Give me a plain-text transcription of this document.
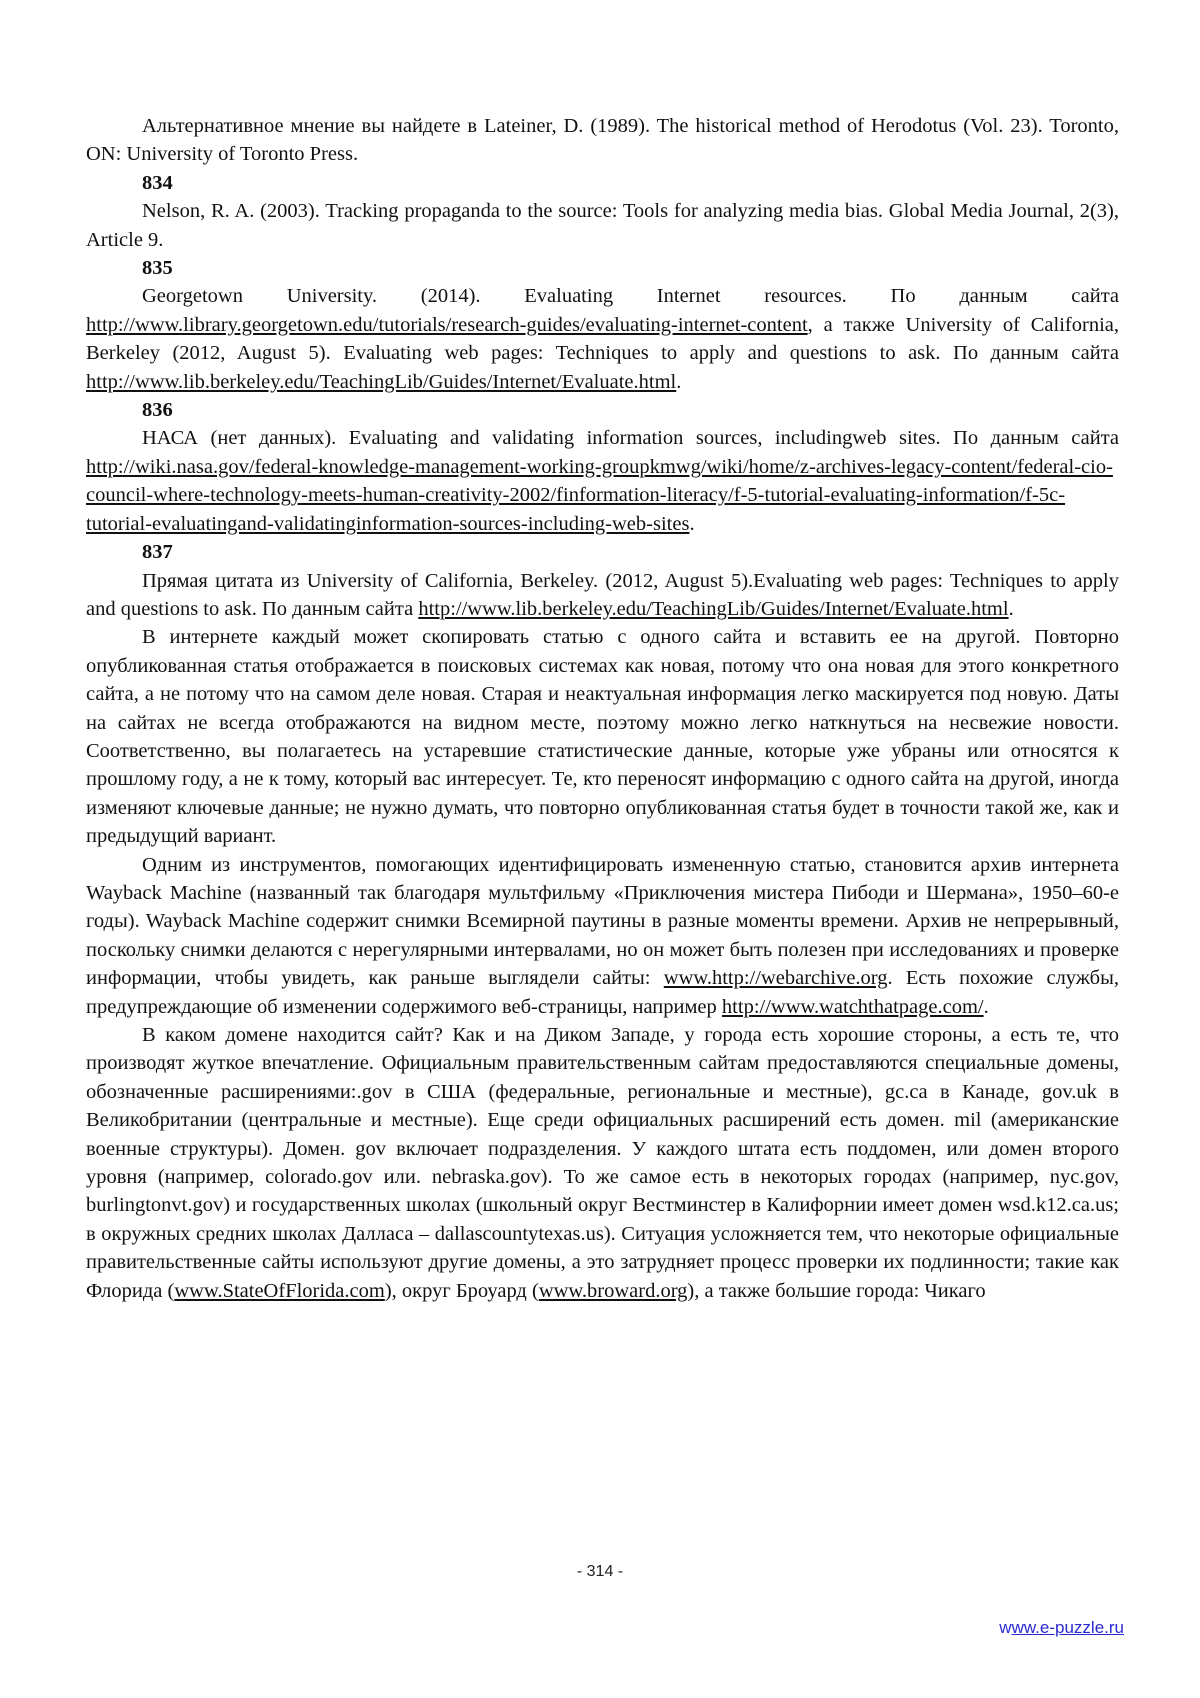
Альтернативное мнение вы найдете в Lateiner, D. (1989). The historical method of Herodotus (Vol. 23). Toronto, ON: University of Toronto Press.

834

Nelson, R. A. (2003). Tracking propaganda to the source: Tools for analyzing media bias. Global Media Journal, 2(3), Article 9.

835

Georgetown University. (2014). Evaluating Internet resources. По данным сайта http://www.library.georgetown.edu/tutorials/research-guides/evaluating-internet-content, а также University of California, Berkeley (2012, August 5). Evaluating web pages: Techniques to apply and questions to ask. По данным сайта http://www.lib.berkeley.edu/TeachingLib/Guides/Internet/Evaluate.html.

836

НАСА (нет данных). Evaluating and validating information sources, includingweb sites. По данным сайта http://wiki.nasa.gov/federal-knowledge-management-working-groupkmwg/wiki/home/z-archives-legacy-content/federal-cio-council-where-technology-meets-human-creativity-2002/finformation-literacy/f-5-tutorial-evaluating-information/f-5c-tutorial-evaluatingand-validatinginformation-sources-including-web-sites.

837

Прямая цитата из University of California, Berkeley. (2012, August 5).Evaluating web pages: Techniques to apply and questions to ask. По данным сайта http://www.lib.berkeley.edu/TeachingLib/Guides/Internet/Evaluate.html.

В интернете каждый может скопировать статью с одного сайта и вставить ее на другой. Повторно опубликованная статья отображается в поисковых системах как новая, потому что она новая для этого конкретного сайта, а не потому что на самом деле новая. Старая и неактуальная информация легко маскируется под новую. Даты на сайтах не всегда отображаются на видном месте, поэтому можно легко наткнуться на несвежие новости. Соответственно, вы полагаетесь на устаревшие статистические данные, которые уже убраны или относятся к прошлому году, а не к тому, который вас интересует. Те, кто переносят информацию с одного сайта на другой, иногда изменяют ключевые данные; не нужно думать, что повторно опубликованная статья будет в точности такой же, как и предыдущий вариант.

Одним из инструментов, помогающих идентифицировать измененную статью, становится архив интернета Wayback Machine (названный так благодаря мультфильму «Приключения мистера Пибоди и Шермана», 1950–60-е годы). Wayback Machine содержит снимки Всемирной паутины в разные моменты времени. Архив не непрерывный, поскольку снимки делаются с нерегулярными интервалами, но он может быть полезен при исследованиях и проверке информации, чтобы увидеть, как раньше выглядели сайты: www.http://webarchive.org. Есть похожие службы, предупреждающие об изменении содержимого веб-страницы, например http://www.watchthatpage.com/.

В каком домене находится сайт? Как и на Диком Западе, у города есть хорошие стороны, а есть те, что производят жуткое впечатление. Официальным правительственным сайтам предоставляются специальные домены, обозначенные расширениями:.gov в США (федеральные, региональные и местные), gc.ca в Канаде, gov.uk в Великобритании (центральные и местные). Еще среди официальных расширений есть домен. mil (американские военные структуры). Домен. gov включает подразделения. У каждого штата есть поддомен, или домен второго уровня (например, colorado.gov или. nebraska.gov). То же самое есть в некоторых городах (например, nyc.gov, burlingtonvt.gov) и государственных школах (школьный округ Вестминстер в Калифорнии имеет домен wsd.k12.ca.us; в окружных средних школах Далласа – dallascountytexas.us). Ситуация усложняется тем, что некоторые официальные правительственные сайты используют другие домены, а это затрудняет процесс проверки их подлинности; такие как Флорида (www.StateOfFlorida.com), округ Броуард (www.broward.org), а также большие города: Чикаго

- 314 -
www.e-puzzle.ru
